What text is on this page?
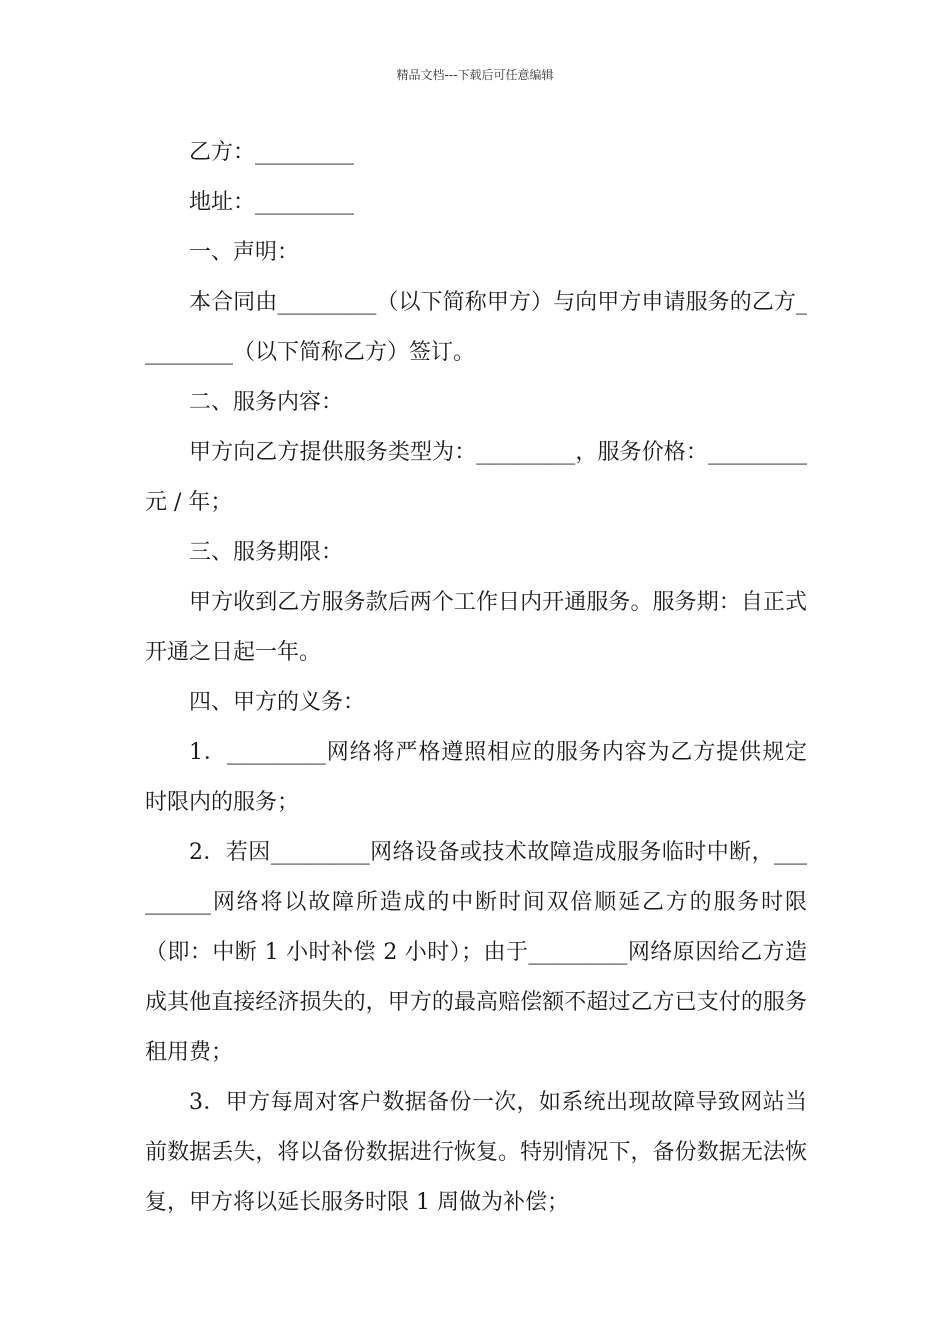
精品文档---下载后可任意编辑

乙方：_________

地址：_________

一、声明：

本合同由_________（以下简称甲方）与向甲方申请服务的乙方_________（以下简称乙方）签订。

二、服务内容：

甲方向乙方提供服务类型为：_________，服务价格：_________元 / 年；

三、服务期限：

甲方收到乙方服务款后两个工作日内开通服务。服务期：自正式开通之日起一年。

四、甲方的义务：

1．_________网络将严格遵照相应的服务内容为乙方提供规定时限内的服务；

2．若因_________网络设备或技术故障造成服务临时中断，_________网络将以故障所造成的中断时间双倍顺延乙方的服务时限（即：中断 1 小时补偿 2 小时）；由于_________网络原因给乙方造成其他直接经济损失的，甲方的最高赔偿额不超过乙方已支付的服务租用费；

3．甲方每周对客户数据备份一次，如系统出现故障导致网站当前数据丢失，将以备份数据进行恢复。特别情况下，备份数据无法恢复，甲方将以延长服务时限 1 周做为补偿；
